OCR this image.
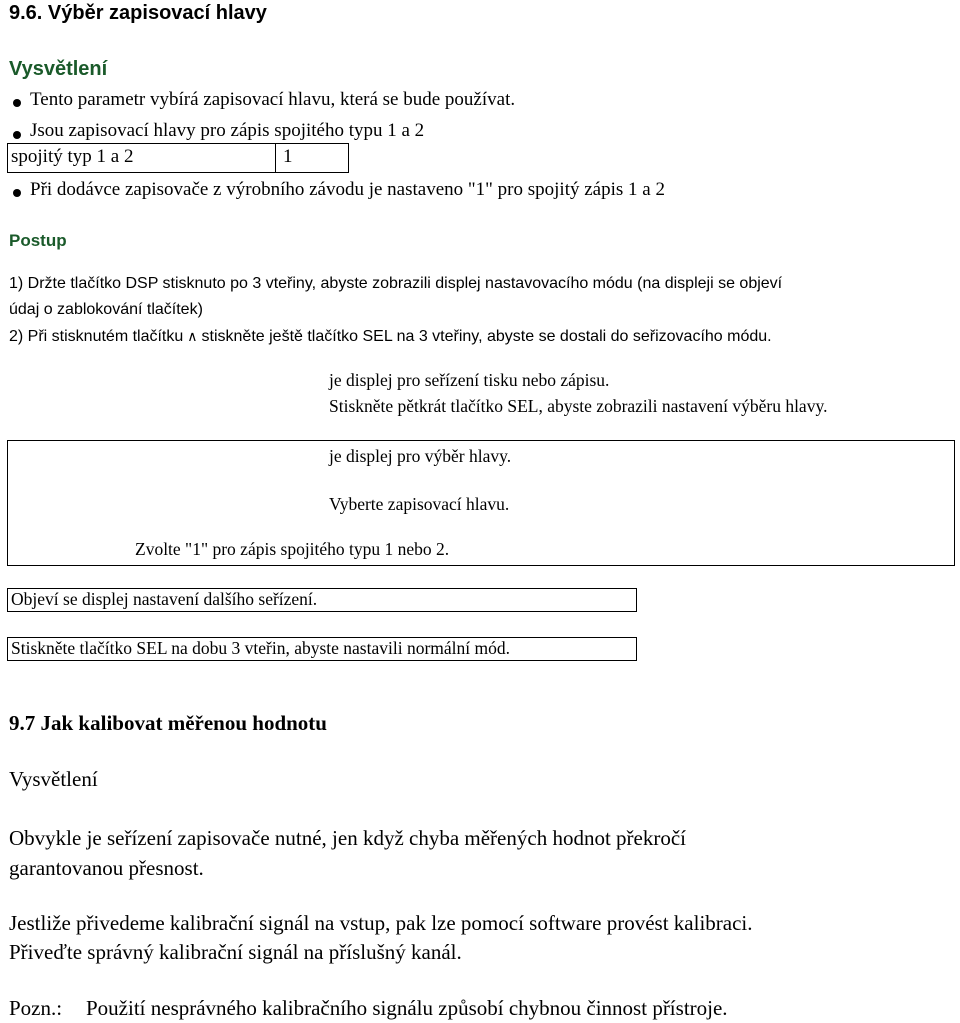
9.6. Výběr zapisovací hlavy
Vysvětlení
Tento parametr vybírá zapisovací hlavu, která se bude používat.
Jsou zapisovací hlavy pro zápis spojitého typu 1 a 2
spojitý typ 1 a 2	1
Při dodávce zapisovače z výrobního závodu je nastaveno "1" pro spojitý zápis 1 a 2
Postup
1) Držte tlačítko DSP stisknuto po 3 vteřiny, abyste zobrazili displej nastavovacího módu (na displeji se objeví
údaj o zablokování tlačítek)
2) Při stisknutém tlačítku ∧ stiskněte ještě tlačítko SEL na 3 vteřiny, abyste se dostali do seřizovacího módu.
je displej pro seřízení tisku nebo zápisu.
Stiskněte pětkrát tlačítko SEL, abyste zobrazili nastavení výběru hlavy.
je displej pro výběr hlavy.
Vyberte zapisovací hlavu.
Zvolte "1" pro zápis spojitého typu 1 nebo 2.
Objeví se displej nastavení dalšího seřízení.
Stiskněte tlačítko SEL na dobu 3 vteřin, abyste nastavili normální mód.
9.7 Jak kalibovat měřenou hodnotu
Vysvětlení
Obvykle je seřízení zapisovače nutné, jen když chyba měřených hodnot překročí
garantovanou přesnost.
Jestliže přivedeme kalibrační signál na vstup, pak lze pomocí software provést kalibraci.
Přiveďte správný kalibrační signál na příslušný kanál.
Pozn.: Použití nesprávného kalibračního signálu způsobí chybnou činnost přístroje.
